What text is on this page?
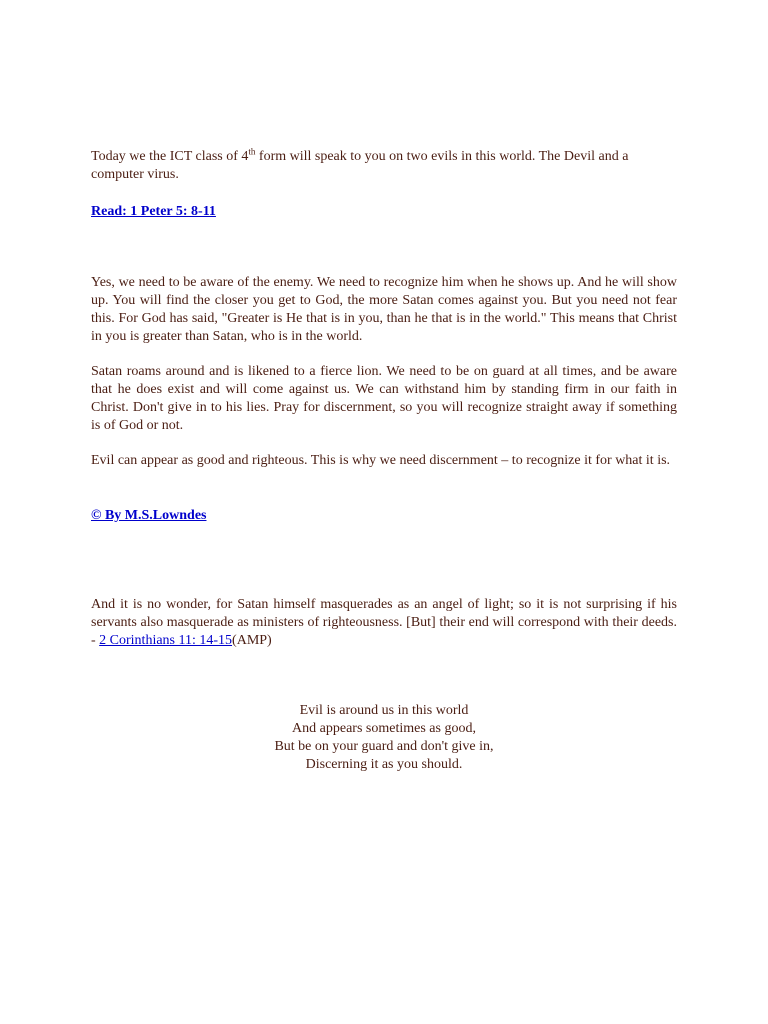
Today we the ICT class of 4th form will speak to you on two evils in this world. The Devil and a computer virus.

Read: 1 Peter 5: 8-11

Yes, we need to be aware of the enemy. We need to recognize him when he shows up. And he will show up. You will find the closer you get to God, the more Satan comes against you. But you need not fear this. For God has said, "Greater is He that is in you, than he that is in the world." This means that Christ in you is greater than Satan, who is in the world.

Satan roams around and is likened to a fierce lion. We need to be on guard at all times, and be aware that he does exist and will come against us. We can withstand him by standing firm in our faith in Christ. Don't give in to his lies. Pray for discernment, so you will recognize straight away if something is of God or not.

Evil can appear as good and righteous. This is why we need discernment – to recognize it for what it is.

© By M.S.Lowndes

And it is no wonder, for Satan himself masquerades as an angel of light; so it is not surprising if his servants also masquerade as ministers of righteousness. [But] their end will correspond with their deeds. - 2 Corinthians 11: 14-15(AMP)

Evil is around us in this world
And appears sometimes as good,
But be on your guard and don't give in,
Discerning it as you should.
